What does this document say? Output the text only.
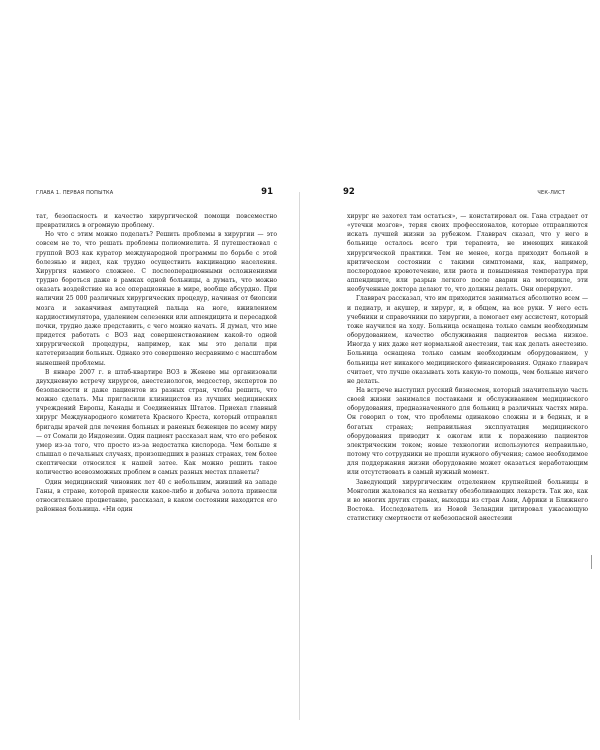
ГЛАВА 1. ПЕРВАЯ ПОПЫТКА	91

тат, безопасность и качество хирургической помощи повсеместно превратились в огромную проблему.

Но что с этим можно поделать? Решить проблемы в хирургии — это совсем не то, что решать проблемы полиомиелита. Я путешествовал с группой ВОЗ как куратор международной программы по борьбе с этой болезнью и видел, как трудно осуществить вакцинацию населения. Хирургия намного сложнее. С послеоперационными осложнениями трудно бороться даже в рамках одной больницы, а думать, что можно оказать воздействие на все операционные в мире, вообще абсурдно. При наличии 25 000 различных хирургических процедур, начиная от биопсии мозга и заканчивая ампутацией пальца на ноге, вживлением кардиостимулятора, удалением селезенки или аппендицита и пересадкой почки, трудно даже представить, с чего можно начать. Я думал, что мне придется работать с ВОЗ над совершенствованием какой-то одной хирургической процедуры, например, как мы это делали при катетеризации больных. Однако это совершенно несравнимо с масштабом нынешней проблемы.

В январе 2007 г. в штаб-квартире ВОЗ в Женеве мы организовали двухдневную встречу хирургов, анестезиологов, медсестер, экспертов по безопасности и даже пациентов из разных стран, чтобы решить, что можно сделать. Мы пригласили клиницистов из лучших медицинских учреждений Европы, Канады и Соединенных Штатов. Приехал главный хирург Международного комитета Красного Креста, который отправлял бригады врачей для лечения больных и раненых беженцев по всему миру — от Сомали до Индонезии. Один пациент рассказал нам, что его ребенок умер из-за того, что просто из-за недостатка кислорода. Чем больше я слышал о печальных случаях, произошедших в разных странах, тем более скептически относился к нашей затее. Как можно решить такое количество всевозможных проблем в самых разных местах планеты?

Один медицинский чиновник лет 40 с небольшим, живший на западе Ганы, в стране, которой принесли какое-либо и добыча золота принесли относительное процветание, рассказал, в каком состоянии находится его районная больница. «Ни один

92	ЧЕК-ЛИСТ

хирург не захотел там остаться», — констатировал он. Гана страдает от «утечки мозгов», теряя своих профессионалов, которые отправляются искать лучшей жизни за рубежом. Главврач сказал, что у него в больнице осталось всего три терапевта, не имеющих никакой хирургической практики. Тем не менее, когда приходит больной в критическом состоянии с такими симптомами, как, например, послеродовое кровотечение, или рвота и повышенная температура при аппендиците, или разрыв легкого после аварии на мотоцикле, эти необученные доктора делают то, что должны делать. Они оперируют.

Главврач рассказал, что им приходится заниматься абсолютно всем — и педиатр, и акушер, и хирург, и, в общем, на все руки. У него есть учебники и справочники по хирургии, а помогает ему ассистент, который тоже научился на ходу. Больница оснащена только самым необходимым оборудованием, качество обслуживания пациентов весьма низкое. Иногда у них даже нет нормальной анестезии, так как делать анестезию. Больница оснащена только самым необходимым оборудованием, у больницы нет никакого медицинского финансирования. Однако главврач считает, что лучше оказывать хоть какую-то помощь, чем больные ничего не делать.

На встрече выступил русский бизнесмен, который значительную часть своей жизни занимался поставками и обслуживанием медицинского оборудования, предназначенного для больниц в различных частях мира. Он говорил о том, что проблемы одинаково сложны и в бедных, и в богатых странах; неправильная эксплуатация медицинского оборудования приводит к ожогам или к поражению пациентов электрическим током; новые технологии используются неправильно, потому что сотрудники не прошли нужного обучения; самое необходимое для поддержания жизни оборудование может оказаться неработающим или отсутствовать в самый нужный момент.

Заведующий хирургическим отделением крупнейшей больницы в Монголии жаловался на нехватку обезболивающих лекарств. Так же, как и во многих других странах, выходцы из стран Азии, Африки и Ближнего Востока. Исследователь из Новой Зеландии цитировал ужасающую статистику смертности от небезопасной анестезии
